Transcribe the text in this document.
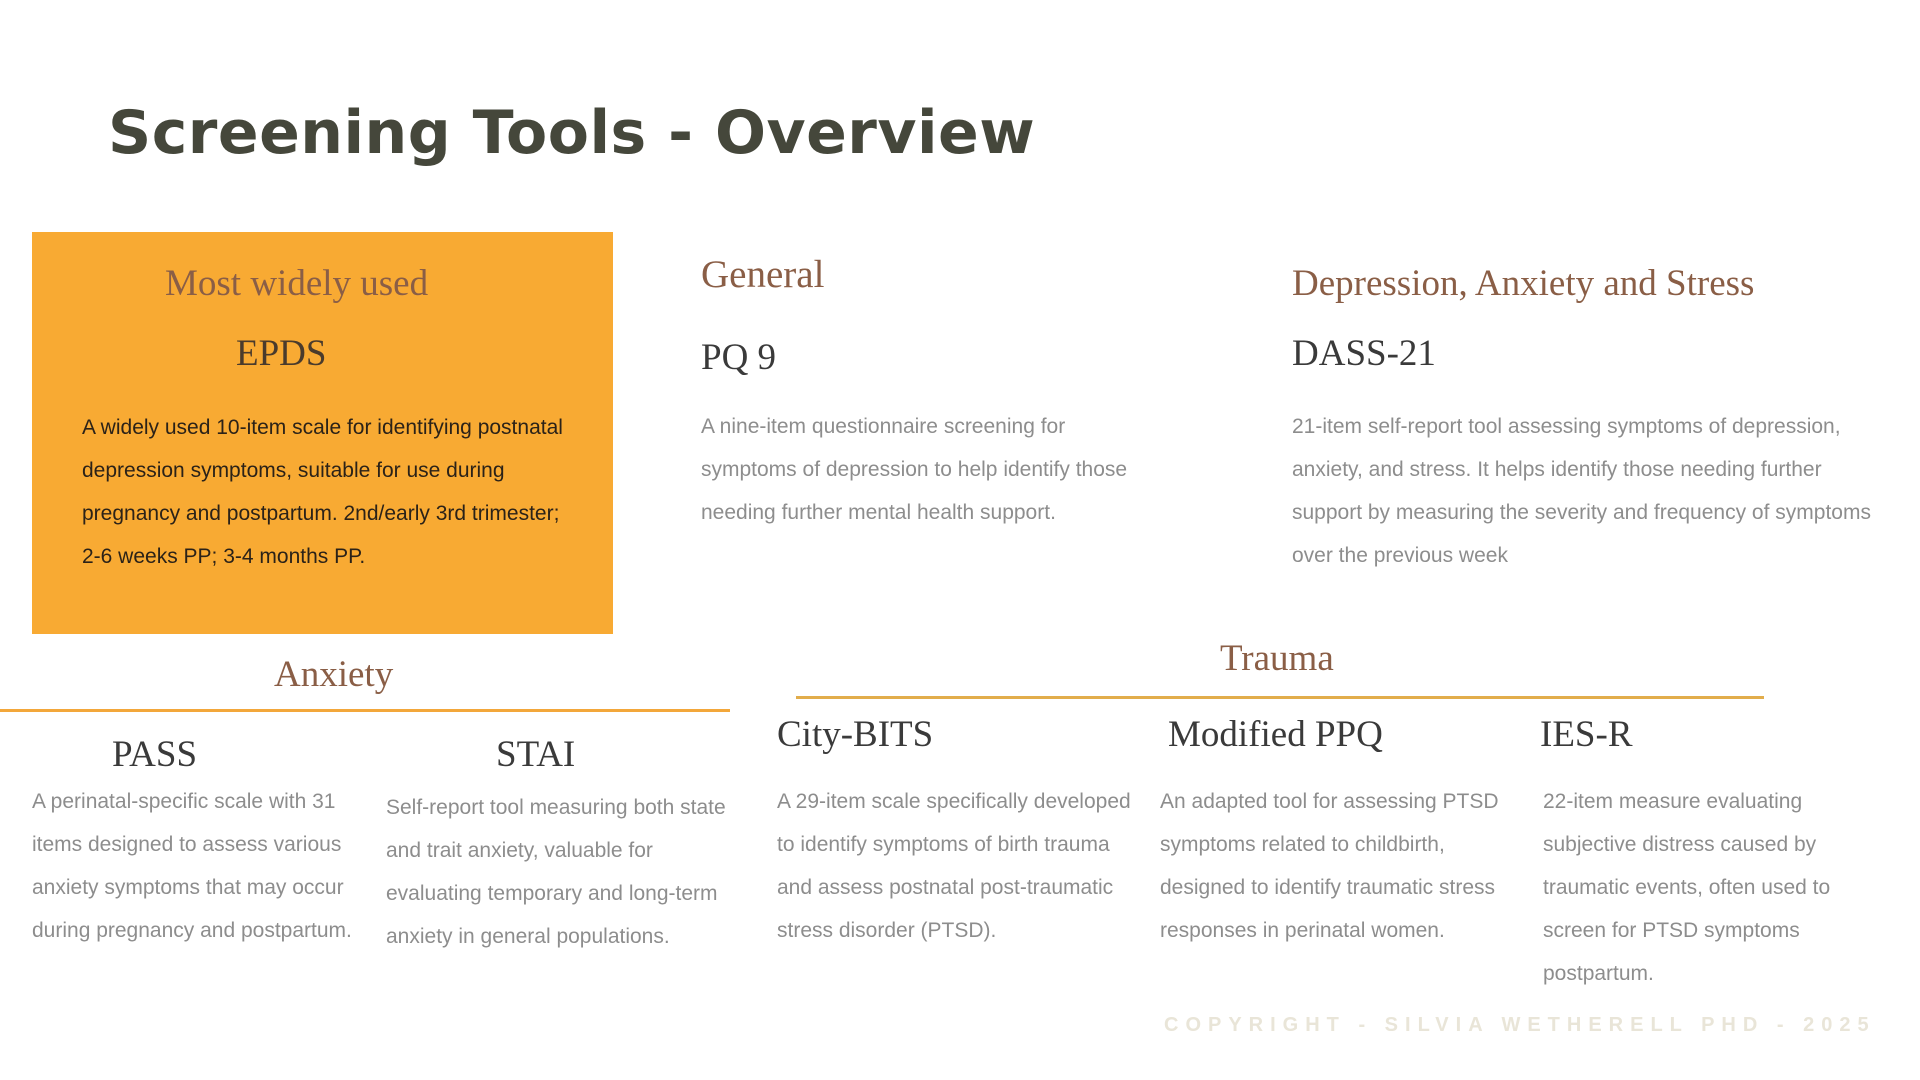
Screening Tools - Overview
Most widely used
EPDS

A widely used 10-item scale for identifying postnatal depression symptoms, suitable for use during pregnancy and postpartum. 2nd/early 3rd trimester; 2-6 weeks PP; 3-4 months PP.

General
PQ 9

A nine-item questionnaire screening for symptoms of depression to help identify those needing further mental health support.

Depression, Anxiety and Stress
DASS-21

21-item self-report tool assessing symptoms of depression, anxiety, and stress. It helps identify those needing further support by measuring the severity and frequency of symptoms over the previous week

Anxiety
PASS

A perinatal-specific scale with 31 items designed to assess various anxiety symptoms that may occur during pregnancy and postpartum.

STAI

Self-report tool measuring both state and trait anxiety, valuable for evaluating temporary and long-term anxiety in general populations.

Trauma
City-BITS

A 29-item scale specifically developed to identify symptoms of birth trauma and assess postnatal post-traumatic stress disorder (PTSD).

Modified PPQ

An adapted tool for assessing PTSD symptoms related to childbirth, designed to identify traumatic stress responses in perinatal women.

IES-R

22-item measure evaluating subjective distress caused by traumatic events, often used to screen for PTSD symptoms postpartum.

COPYRIGHT - SILVIA WETHERELL PHD - 2025
